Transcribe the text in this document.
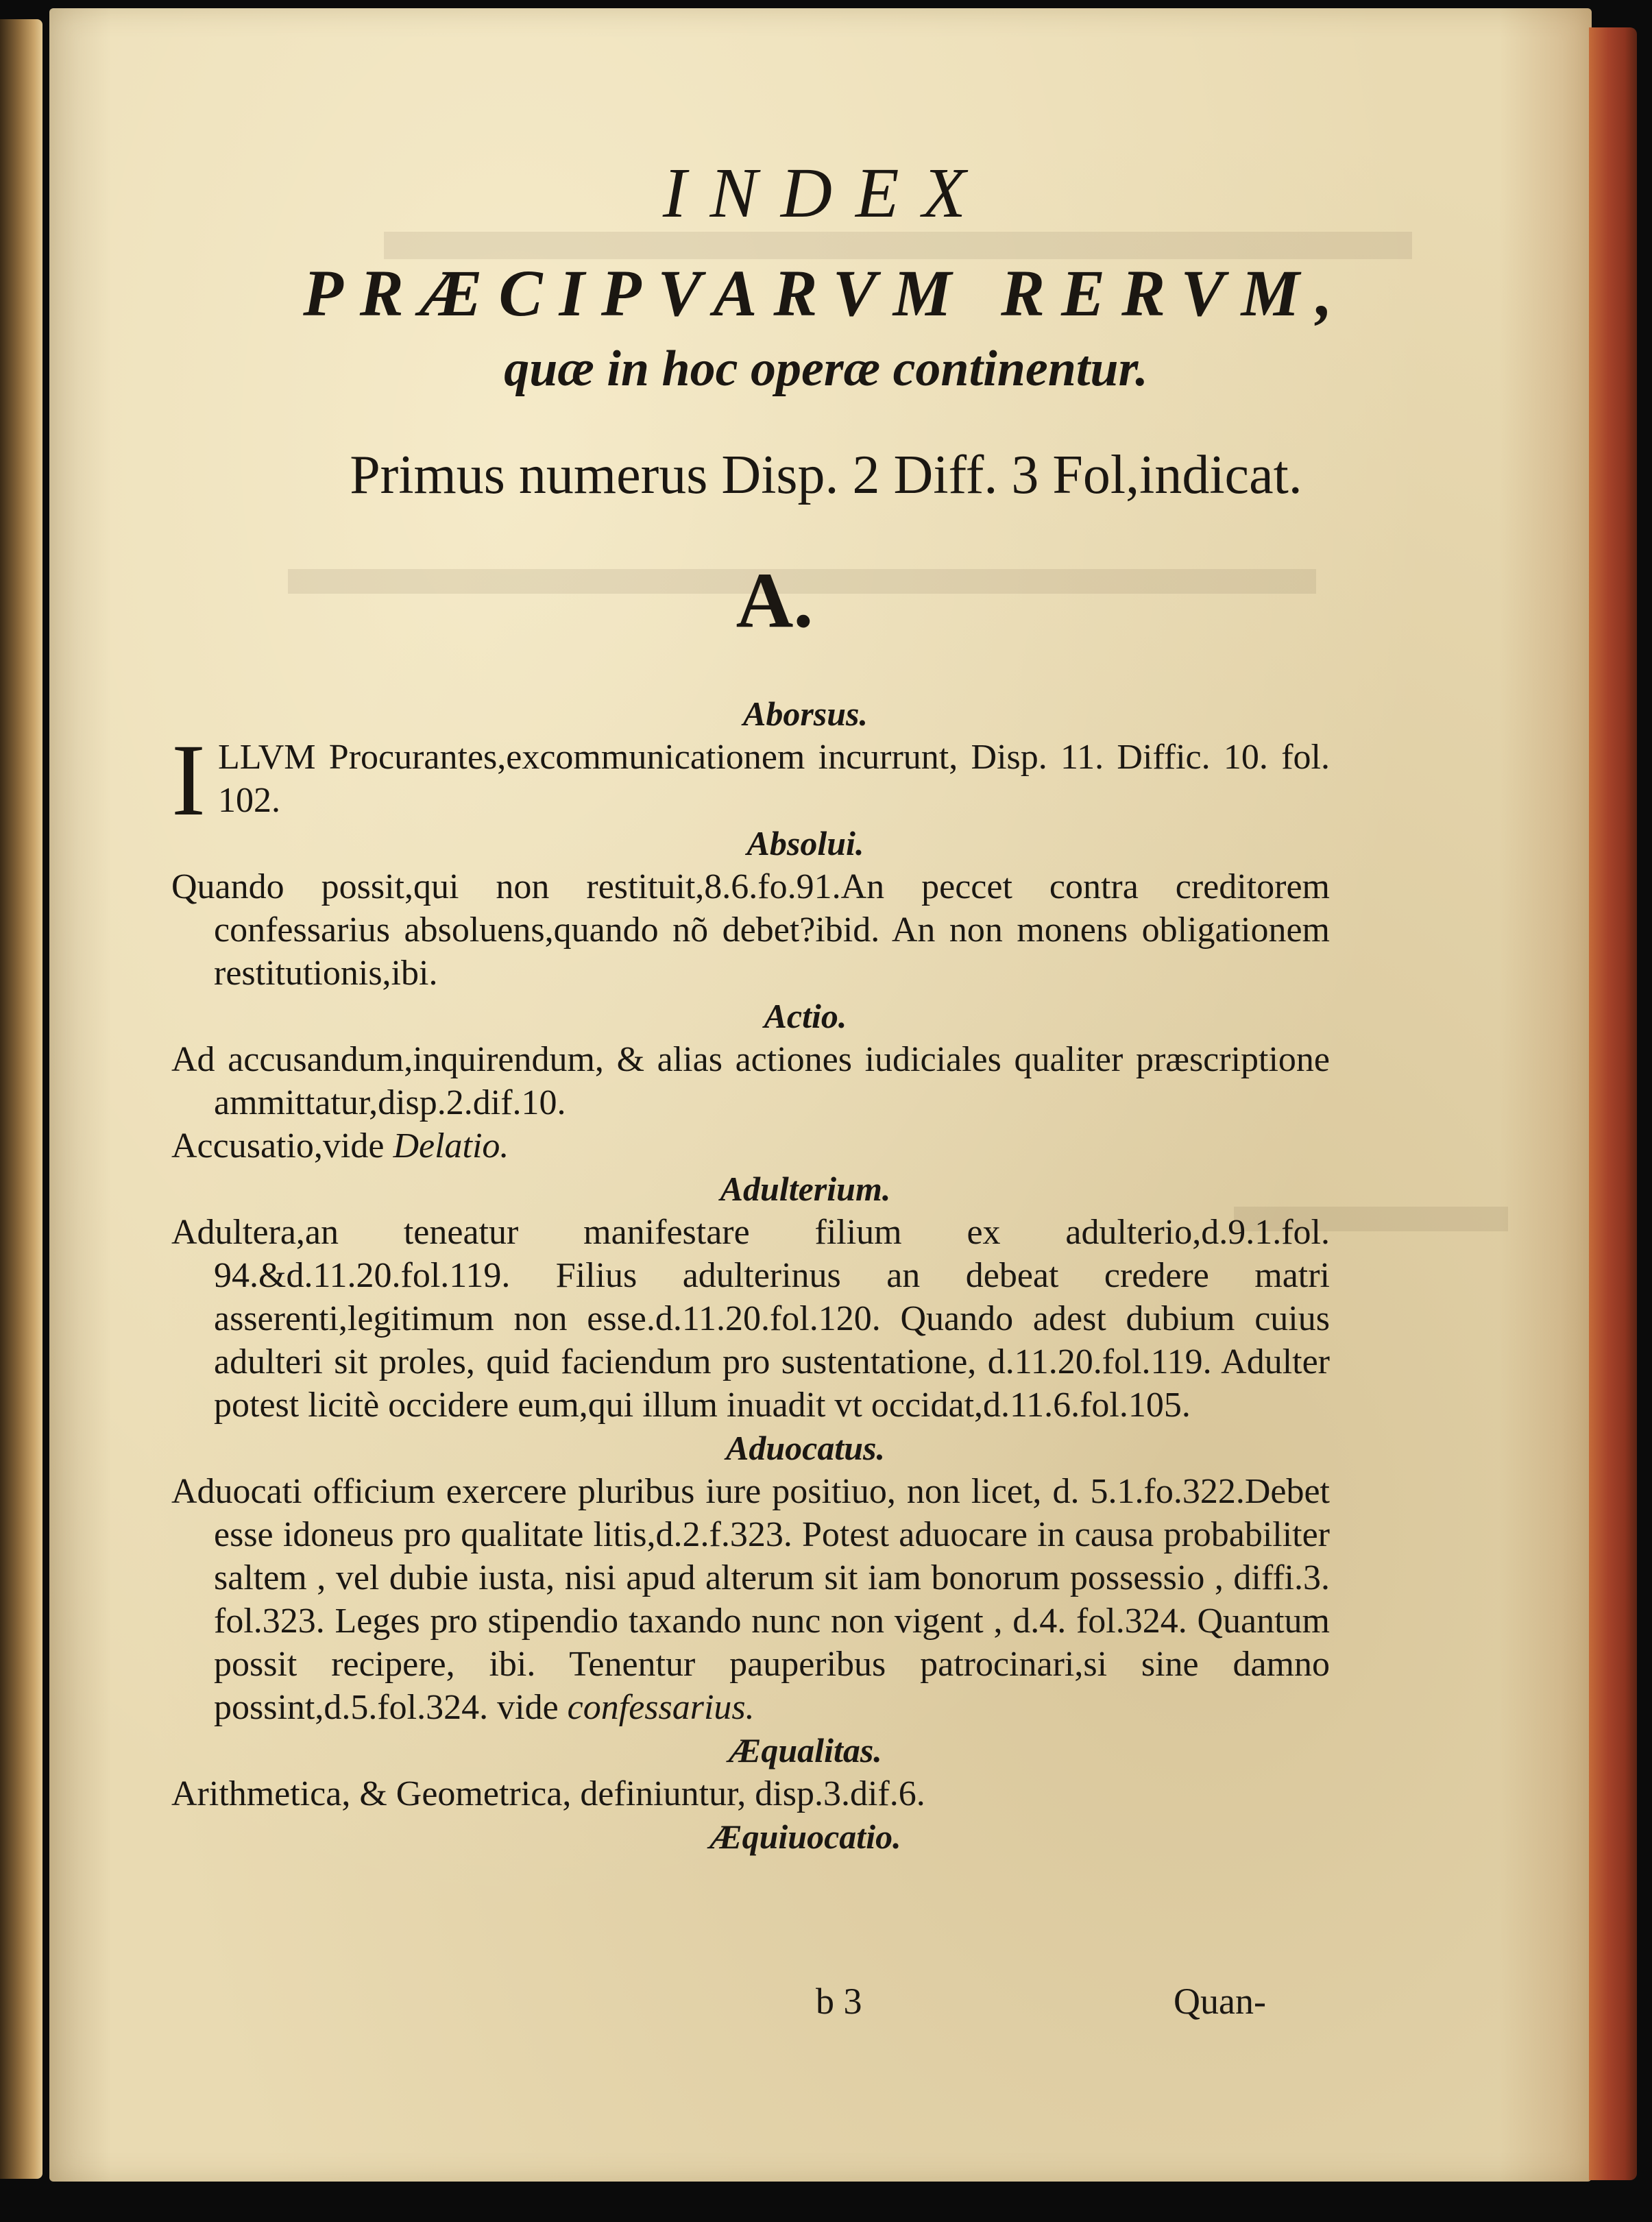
INDEX
PRÆCIPVARVM RERVM,
quæ in hoc operæ continentur.
Primus numerus Disp. 2 Diff. 3 Fol,indicat.
A.
Aborsus.
ILLVM Procurantes,excommunicationem incurrunt, Disp. 11. Diffic. 10. fol. 102.
Absolui.
Quando possit,qui non restituit,8.6.fo.91.An peccet contra creditorem confessarius absoluens,quando nõ debet?ibid. An non monens obligationem restitutionis,ibi.
Actio.
Ad accusandum,inquirendum, & alias actiones iudiciales qualiter præscriptione ammittatur,disp.2.dif.10.
Accusatio,vide Delatio.
Adulterium.
Adultera,an teneatur manifestare filium ex adulterio,d.9.1.fol. 94.&d.11.20.fol.119. Filius adulterinus an debeat credere matri asserenti,legitimum non esse.d.11.20.fol.120. Quando adest dubium cuius adulteri sit proles, quid faciendum pro sustentatione, d.11.20.fol.119. Adulter potest licitè occidere eum,qui illum inuadit vt occidat,d.11.6.fol.105.
Aduocatus.
Aduocati officium exercere pluribus iure positiuo, non licet, d. 5.1.fo.322.Debet esse idoneus pro qualitate litis,d.2.f.323. Potest aduocare in causa probabiliter saltem , vel dubie iusta, nisi apud alterum sit iam bonorum possessio , diffi.3. fol.323. Leges pro stipendio taxando nunc non vigent , d.4. fol.324. Quantum possit recipere, ibi. Tenentur pauperibus patrocinari,si sine damno possint,d.5.fol.324. vide confessarius.
Æqualitas.
Arithmetica, & Geometrica, definiuntur, disp.3.dif.6.
Æquiuocatio.
b 3	Quan-
